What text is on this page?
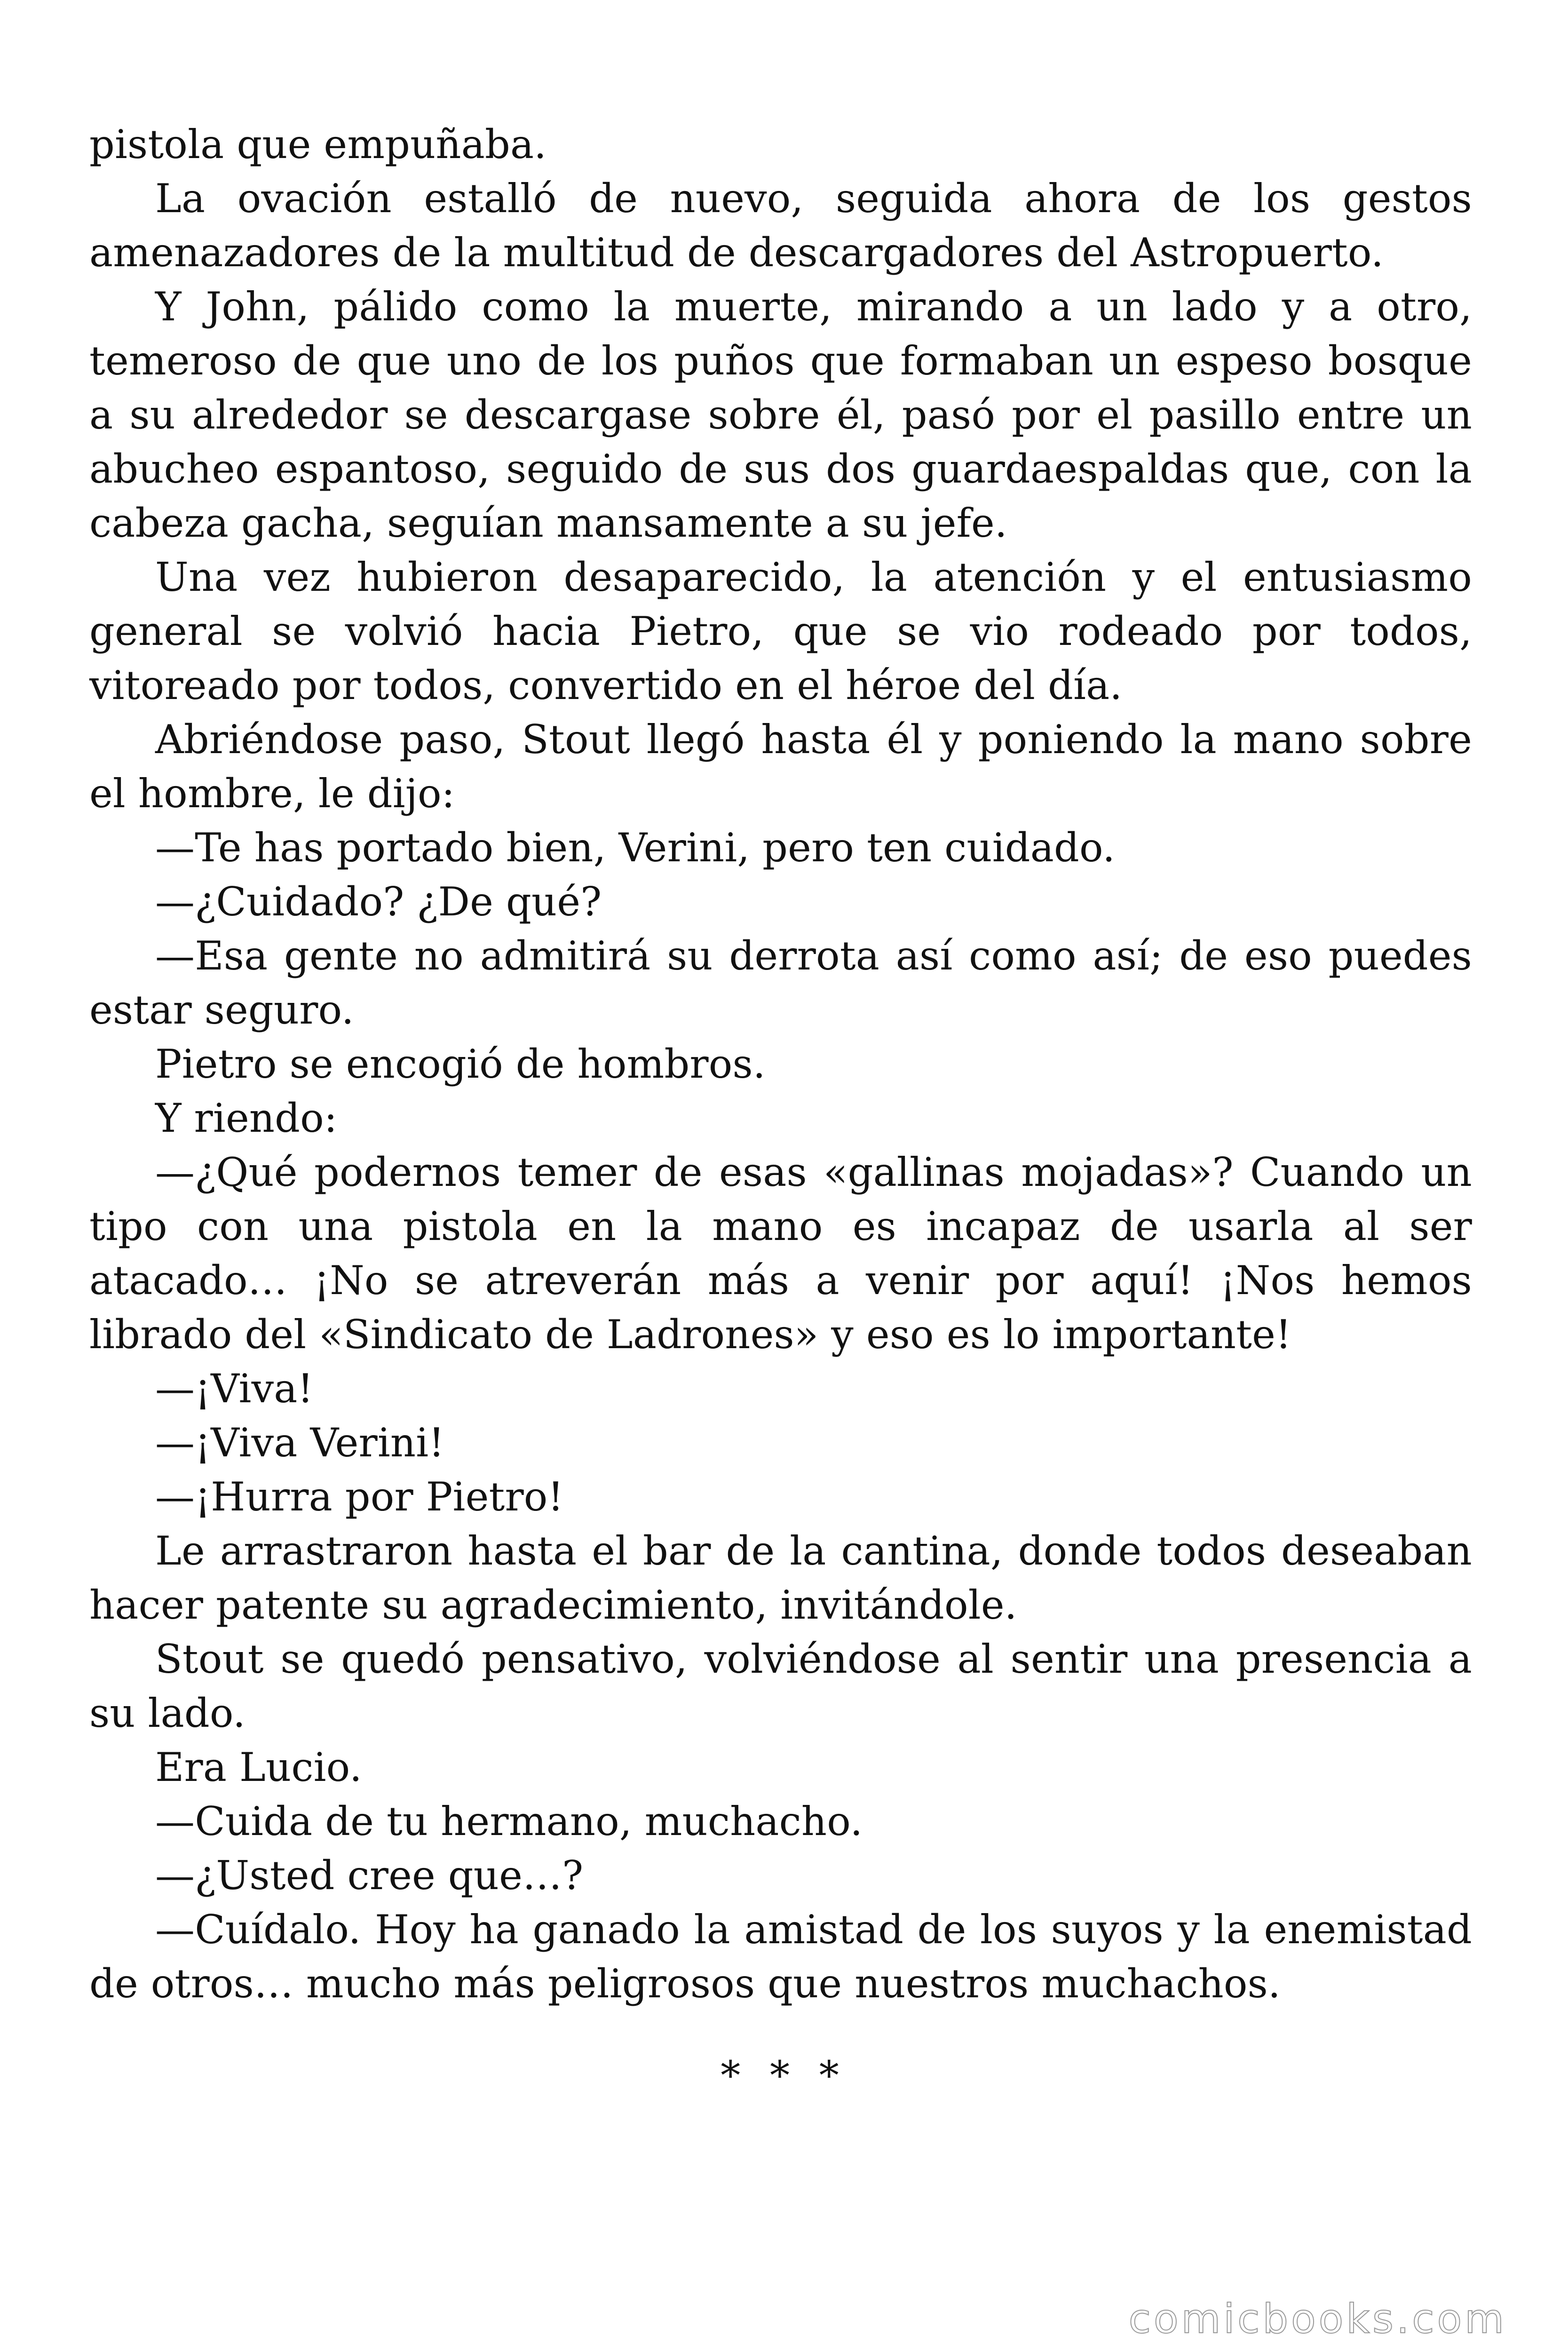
pistola que empuñaba.

La ovación estalló de nuevo, seguida ahora de los gestos amenazadores de la multitud de descargadores del Astropuerto.

Y John, pálido como la muerte, mirando a un lado y a otro, temeroso de que uno de los puños que formaban un espeso bosque a su alrededor se descargase sobre él, pasó por el pasillo entre un abucheo espantoso, seguido de sus dos guardaespaldas que, con la cabeza gacha, seguían mansamente a su jefe.

Una vez hubieron desaparecido, la atención y el entusiasmo general se volvió hacia Pietro, que se vio rodeado por todos, vitoreado por todos, convertido en el héroe del día.

Abriéndose paso, Stout llegó hasta él y poniendo la mano sobre el hombre, le dijo:

—Te has portado bien, Verini, pero ten cuidado.

—¿Cuidado? ¿De qué?

—Esa gente no admitirá su derrota así como así; de eso puedes estar seguro.

Pietro se encogió de hombros.

Y riendo:

—¿Qué podernos temer de esas «gallinas mojadas»? Cuando un tipo con una pistola en la mano es incapaz de usarla al ser atacado… ¡No se atreverán más a venir por aquí! ¡Nos hemos librado del «Sindicato de Ladrones» y eso es lo importante!

—¡Viva!

—¡Viva Verini!

—¡Hurra por Pietro!

Le arrastraron hasta el bar de la cantina, donde todos deseaban hacer patente su agradecimiento, invitándole.

Stout se quedó pensativo, volviéndose al sentir una presencia a su lado.

Era Lucio.

—Cuida de tu hermano, muchacho.

—¿Usted cree que…?

—Cuídalo. Hoy ha ganado la amistad de los suyos y la enemistad de otros… mucho más peligrosos que nuestros muchachos.

* * *
comicbooks.com
